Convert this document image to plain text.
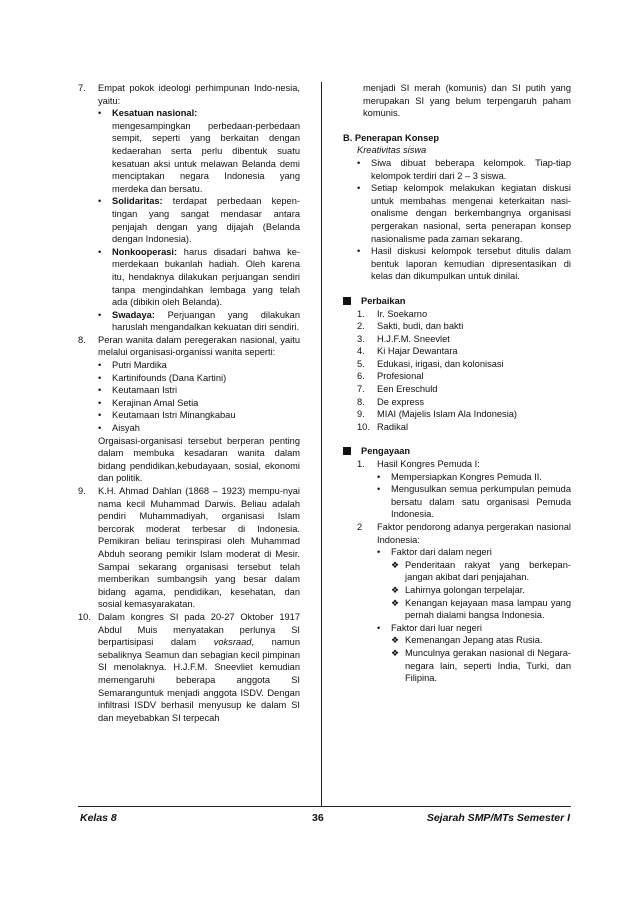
7. Empat pokok ideologi perhimpunan Indo-nesia, yaitu:

• Kesatuan nasional:

mengesampingkan perbedaan-perbedaan sempit, seperti yang berkaitan dengan kedaerahan serta perlu dibentuk suatu kesatuan aksi untuk melawan Belanda demi menciptakan negara Indonesia yang merdeka dan bersatu.

• Solidaritas: terdapat perbedaan kepen-tingan yang sangat mendasar antara penjajah dengan yang dijajah (Belanda dengan Indonesia).

• Nonkooperasi: harus disadari bahwa ke-merdekaan bukanlah hadiah. Oleh karena itu, hendaknya dilakukan perjuangan sendiri tanpa mengindahkan lembaga yang telah ada (dibikin oleh Belanda).

• Swadaya: Perjuangan yang dilakukan haruslah mengandalkan kekuatan diri sendiri.

8. Peran wanita dalam peregerakan nasional, yaitu melalui organisasi-organissi wanita seperti:

• Putri Mardika

• Kartinifounds (Dana Kartini)

• Keutamaan Istri

• Kerajinan Amal Setia

• Keutamaan Istri Minangkabau

• Aisyah

Orgaisasi-organisasi tersebut berperan penting dalam membuka kesadaran wanita dalam bidang pendidikan,kebudayaan, sosial, ekonomi dan politik.

9. K.H. Ahmad Dahlan (1868 – 1923) mempu-nyai nama kecil Muhammad Darwis. Beliau adalah pendiri Muhammadiyah, organisasi Islam bercorak moderat terbesar di Indonesia. Pemikiran beliau terinspirasi oleh Muhammad Abduh seorang pemikir Islam moderat di Mesir. Sampai sekarang organisasi tersebut telah memberikan sumbangsih yang besar dalam bidang agama, pendidikan, kesehatan, dan sosial kemasyarakatan.

10. Dalam kongres SI pada 20-27 Oktober 1917 Abdul Muis menyatakan perlunya SI berpartisipasi dalam voksraad, namun sebaliknya Seamun dan sebagian kecil pimpinan SI menolaknya. H.J.F.M. Sneevliet kemudian memengaruhi beberapa anggota SI Semaranguntuk menjadi anggota ISDV. Dengan infiltrasi ISDV berhasil menyusup ke dalam SI dan meyebabkan SI terpecah

menjadi SI merah (komunis) dan SI putih yang merupakan SI yang belum terpengaruh paham komunis.

B. Penerapan Konsep

Kreativitas siswa

• Siwa dibuat beberapa kelompok. Tiap-tiap kelompok terdiri dari 2 – 3 siswa.

• Setiap kelompok melakukan kegiatan diskusi untuk membahas mengenai keterkaitan nasi-onalisme dengan berkembangnya organisasi pergerakan nasional, serta penerapan konsep nasionalisme pada zaman sekarang.

• Hasil diskusi kelompok tersebut ditulis dalam bentuk laporan kemudian dipresentasikan di kelas dan dikumpulkan untuk dinilai.

Perbaikan
1. Ir. Soekarno

2. Sakti, budi, dan bakti

3. H.J.F.M. Sneevlet

4. Ki Hajar Dewantara

5. Edukasi, irigasi, dan kolonisasi

6. Profesional

7. Een Ereschuld

8. De express

9. MIAI (Majelis Islam Ala Indonesia)

10. Radikal

Pengayaan
1. Hasil Kongres Pemuda I:

• Mempersiapkan Kongres Pemuda II.

• Mengusulkan semua perkumpulan pemuda bersatu dalam satu organisasi Pemuda Indonesia.

2 Faktor pendorong adanya pergerakan nasional Indonesia:

• Faktor dari dalam negeri

❖ Penderitaan rakyat yang berkepan-jangan akibat dari penjajahan.

❖ Lahirnya golongan terpelajar.

❖ Kenangan kejayaan masa lampau yang pernah dialami bangsa Indonesia.

• Faktor dari luar negeri

❖ Kemenangan Jepang atas Rusia.

❖ Munculnya gerakan nasional di Negara-negara lain, seperti India, Turki, dan Filipina.

Kelas 8	36	Sejarah SMP/MTs Semester I
